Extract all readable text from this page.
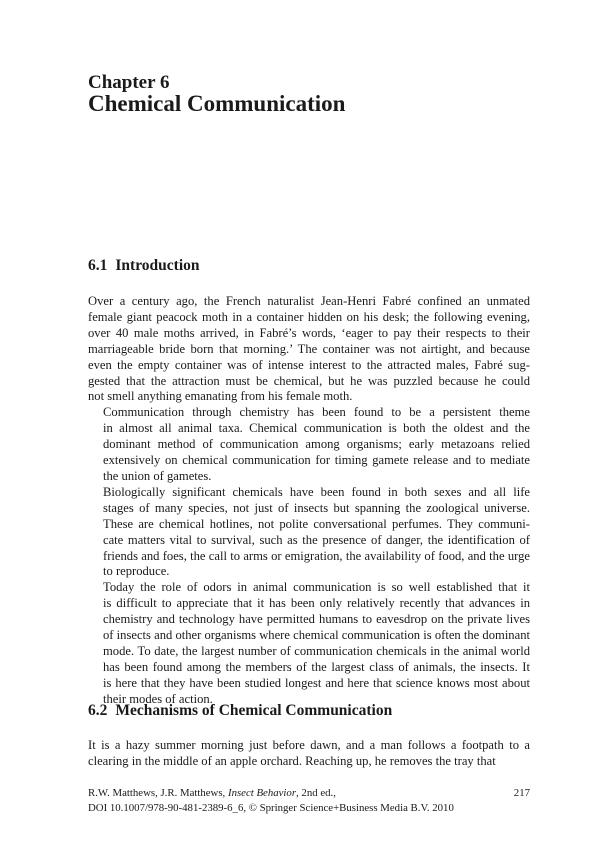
Chapter 6
Chemical Communication
6.1 Introduction

Over a century ago, the French naturalist Jean-Henri Fabré confined an unmated
female giant peacock moth in a container hidden on his desk; the following evening,
over 40 male moths arrived, in Fabré’s words, ‘eager to pay their respects to their
marriageable bride born that morning.’ The container was not airtight, and because
even the empty container was of intense interest to the attracted males, Fabré sug-
gested that the attraction must be chemical, but he was puzzled because he could
not smell anything emanating from his female moth.

Communication through chemistry has been found to be a persistent theme
in almost all animal taxa. Chemical communication is both the oldest and the
dominant method of communication among organisms; early metazoans relied
extensively on chemical communication for timing gamete release and to mediate
the union of gametes.

Biologically significant chemicals have been found in both sexes and all life
stages of many species, not just of insects but spanning the zoological universe.
These are chemical hotlines, not polite conversational perfumes. They communi-
cate matters vital to survival, such as the presence of danger, the identification of
friends and foes, the call to arms or emigration, the availability of food, and the urge
to reproduce.

Today the role of odors in animal communication is so well established that it
is difficult to appreciate that it has been only relatively recently that advances in
chemistry and technology have permitted humans to eavesdrop on the private lives
of insects and other organisms where chemical communication is often the dominant
mode. To date, the largest number of communication chemicals in the animal world
has been found among the members of the largest class of animals, the insects. It
is here that they have been studied longest and here that science knows most about
their modes of action.

6.2 Mechanisms of Chemical Communication

It is a hazy summer morning just before dawn, and a man follows a footpath to a
clearing in the middle of an apple orchard. Reaching up, he removes the tray that

R.W. Matthews, J.R. Matthews, Insect Behavior, 2nd ed.,	217
DOI 10.1007/978-90-481-2389-6_6, © Springer Science+Business Media B.V. 2010
